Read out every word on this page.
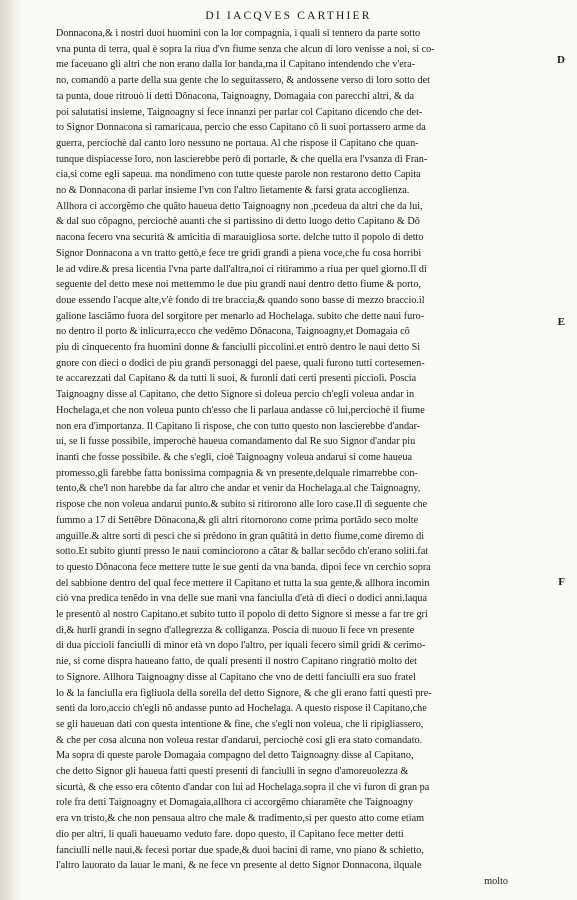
DI IACQVES CARTHIER
D
E
F
Donnacona,& i nostri duoi huomini con la lor compagnia, i quali si tennero da parte sotto
vna punta di terra, qual è sopra la riua d'vn fiume senza che alcun di loro venisse a noi, si co-
me faceuano gli altri che non erano dalla lor banda,ma il Capitano intendendo che v'era-
no, comandò a parte della sua gente che lo seguitassero, & andossene verso di loro sotto det
ta punta, doue ritrouò li detti Dõnacona, Taignoagny, Domagaia con parecchi altri, & da
poi salutatisi insieme, Taignoagny si fece innanzi per parlar col Capitano dicendo che det-
to Signor Donnacona si ramaricaua, percio che esso Capitano cõ li suoi portassero arme da
guerra, perciochè dal canto loro nessuno ne portaua. Al che rispose il Capitano che quan-
tunque dispiacesse loro, non lascierebbe però di portarle, & che quella era l'vsanza di Fran-
cia,si come egli sapeua. ma nondimeno con tutte queste parole non restarono detto Capita
no & Donnacona di parlar insieme l'vn con l'altro lietamente & farsi grata accoglienza.
Allhora ci accorgẽmo che quãto haueua detto Taignoagny non ,pcedeua da altri che da lui,
& dal suo cõpagno, perciochè auanti che si partissino di detto luogo detto Capitano & Dõ
nacona fecero vna securità & amicitia di marauigliosa sorte. delche tutto il popolo di detto
Signor Donnacona a vn tratto gettò,e fece tre gridi grandi a piena voce,che fu cosa horribi
le ad vdire.& presa licentia l'vna parte dall'altra,noi ci ritirammo a riua per quel giorno.Il di
seguente del detto mese noi mettemmo le due piu grandi naui dentro detto fiume & porto,
doue essendo l'acque alte,v'è fondo di tre braccia,& quando sono basse di mezzo braccio.il
galione lasciãmo fuora del sorgitore per menarlo ad Hochelaga. subito che dette naui furo-
no dentro il porto & inlicurra,ecco che vedẽmo Dõnacona, Taignoagny,et Domagaia cõ
piu di cinquecento fra huomini donne & fanciulli piccolini.et entrò dentro le naui detto Si
gnore con dieci o dodici de piu grandi personaggi del paese, quali furono tutti cortesemen-
te accarezzati dal Capitano & da tutti li suoi, & furonli dati certi presenti piccioli. Poscia
Taignoagny disse al Capitano, che detto Signore si doleua percio ch'egli voleua andar in
Hochelaga,et che non voleua punto ch'esso che li parlaua andasse cõ lui,perciochè il fiume
non era d'importanza. Il Capitano li rispose, che con tutto questo non lascierebbe d'andar-
ui, se li fusse possibile, imperochè haueua comandamento dal Re suo Signor d'andar piu
inanti che fosse possibile. & che s'egli, cioè Taignoagny voleua andarui si come haueua
promesso,gli farebbe fatta bonissima compagnia & vn presente,delquale rimarrebbe con-
tento,& che'l non harebbe da far altro che andar et venir da Hochelaga.al che Taignoagny,
rispose che non voleua andarui punto.& subito si ritirorono alle loro case.Il dì seguente che
fummo a 17 di Settẽbre Dõnacona,& gli altri ritornorono come prima portãdo seco molte
anguille.& altre sorti di pesci che si prẽdono in gran quãtità in detto fiume,come diremo di
sotto.Et subito giunti presso le naui cominciorono a cãtar & ballar secõdo ch'erano soliti.fat
to questo Dõnacona fece mettere tutte le sue genti da vna banda. dipoi fece vn cerchio sopra
del sabbione dentro del qual fece mettere il Capitano et tutta la sua gente,& allhora incomin
ciò vna predica tenẽdo in vna delle sue mani vna fanciulla d'età di dieci o dodici anni.laqua
le presentò al nostro Capitano.et subito tutto il popolo di detto Signore si messe a far tre gri
di,& hurli grandi in segno d'allegrezza & colliganza. Poscia di nuouo li fece vn presente
di dua piccioli fanciulli di minor età vn dopo l'altro, per iquali fecero simil gridi & cerimo-
nie, si come dispra haueano fatto, de quali presenti il nostro Capitano ringratiò molto det
to Signore. Allhora Taignoagny disse al Capitano che vno de detti fanciulli era suo fratel
lo & la fanciulla era figliuola della sorella del detto Signore, & che gli erano fatti questi pre-
senti da loro,accio ch'egli nõ andasse punto ad Hochelaga. A questo rispose il Capitano,che
se gli haueuan dati con questa intentione & fine, che s'egli non voleua, che li ripigliassero,
& che per cosa alcuna non voleua restar d'andarui, perciochè cosi gli era stato comandato.
Ma sopra di queste parole Domagaia compagno del detto Taignoagny disse al Capitano,
che detto Signor gli haueua fatti questi presenti di fanciulli in segno d'amoreuolezza &
sicurtà, & che esso era cõtento d'andar con lui ad Hochelaga.sopra il che vi furon di gran pa
role fra detti Taignoagny et Domagaia,allhora ci accorgẽmo chiaramẽte che Taignoagny
era vn tristo,& che non pensaua altro che male & tradimento,si per questo atto come etiam
dio per altri, li quali haueuamo veduto fare. dopo questo, il Capitano fece metter detti
fanciulli nelle naui,& fecesi portar due spade,& duoi bacini di rame, vno piano & schietto,
l'altro lauorato da lauar le mani, & ne fece vn presente al detto Signor Donnacona, ilquale
molto
